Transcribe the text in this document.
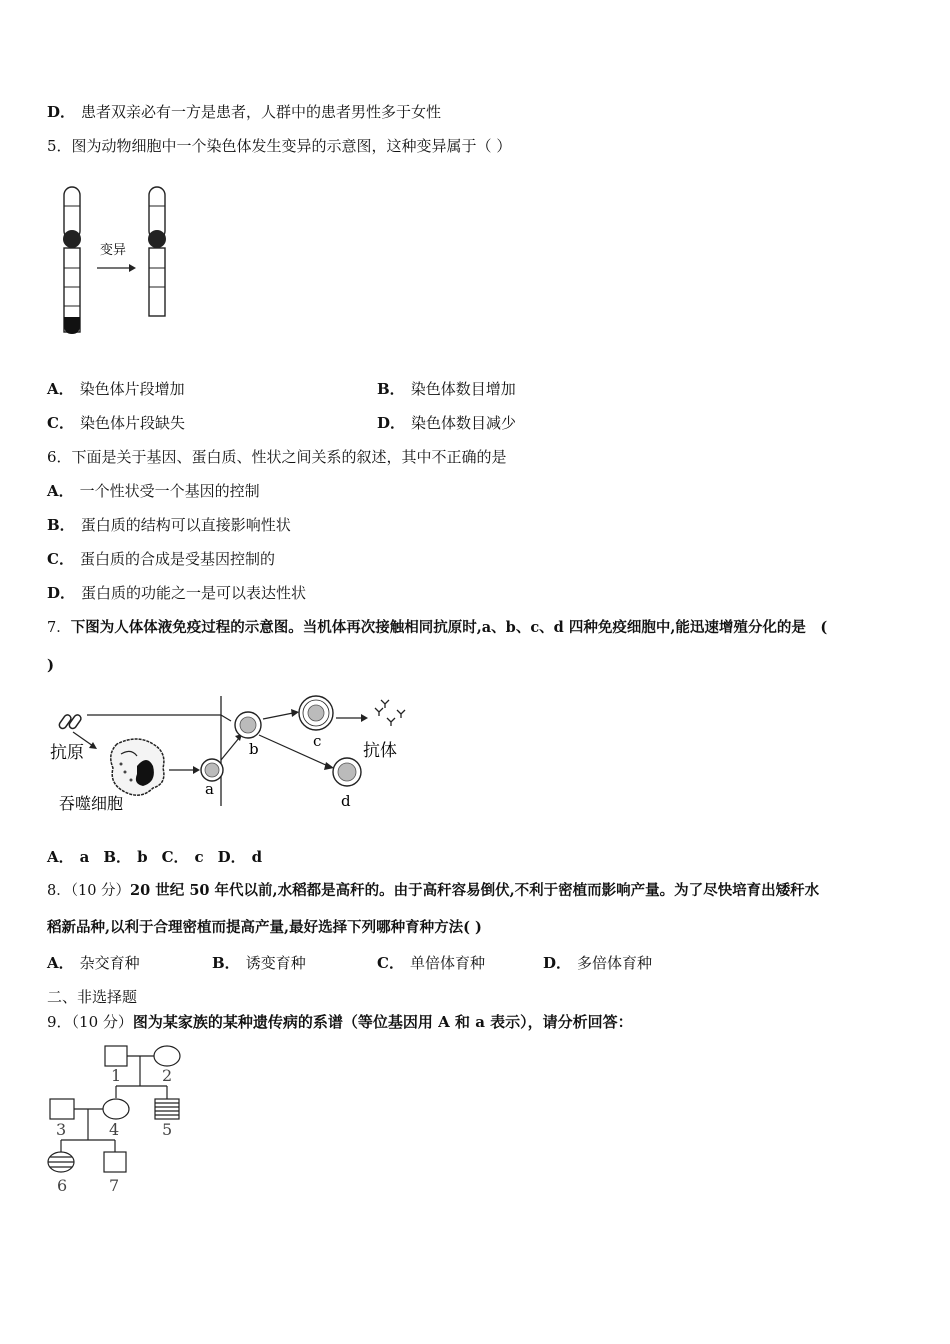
D． 患者双亲必有一方是患者，人群中的患者男性多于女性
5．图为动物细胞中一个染色体发生变异的示意图，这种变异属于（ ）
变异
A． 染色体片段增加	B． 染色体数目增加
C． 染色体片段缺失	D． 染色体数目减少
6．下面是关于基因、蛋白质、性状之间关系的叙述，其中不正确的是
A． 一个性状受一个基因的控制
B． 蛋白质的结构可以直接影响性状
C． 蛋白质的合成是受基因控制的
D． 蛋白质的功能之一是可以表达性状
7．下图为人体体液免疫过程的示意图。当机体再次接触相同抗原时,a、b、c、d 四种免疫细胞中,能迅速增殖分化的是　(
)
抗原
吞噬细胞
a
b	c 抗体
d
A． a B． b C． c D． d
8．（10 分）20 世纪 50 年代以前,水稻都是高秆的。由于高秆容易倒伏,不利于密植而影响产量。为了尽快培育出矮秆水
稻新品种,以利于合理密植而提高产量,最好选择下列哪种育种方法( )
A． 杂交育种	B． 诱变育种	C． 单倍体育种	D． 多倍体育种
二、非选择题
9．（10 分）图为某家族的某种遗传病的系谱（等位基因用 A 和 a 表示），请分析回答：
1	2
3	4	5
6	7
